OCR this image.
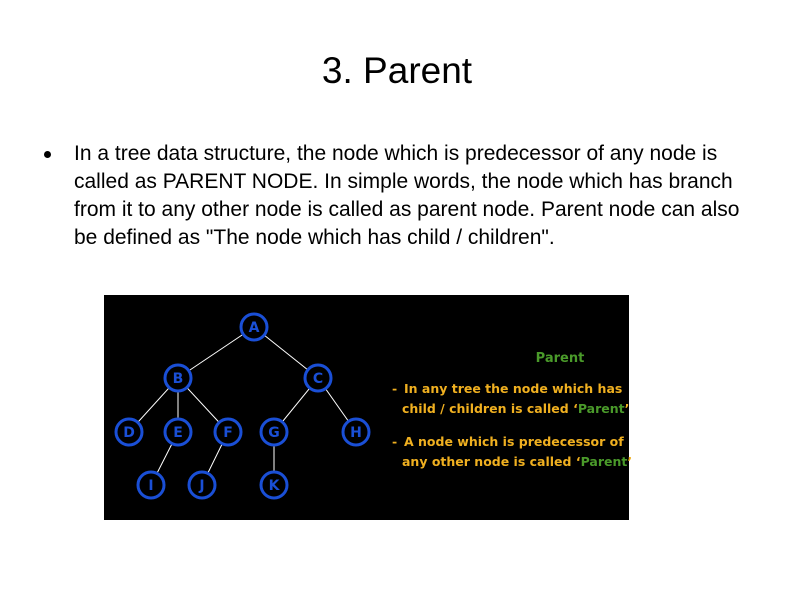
3. Parent
In a tree data structure, the node which is predecessor of any node is called as PARENT NODE. In simple words, the node which has branch from it to any other node is called as parent node. Parent node can also be defined as "The node which has child / children".
A
B	C
D	E	F	G	H
I	J	K
Parent
- In any tree the node which has
child / children is called ‘Parent’
- A node which is predecessor of
any other node is called ‘Parent’
